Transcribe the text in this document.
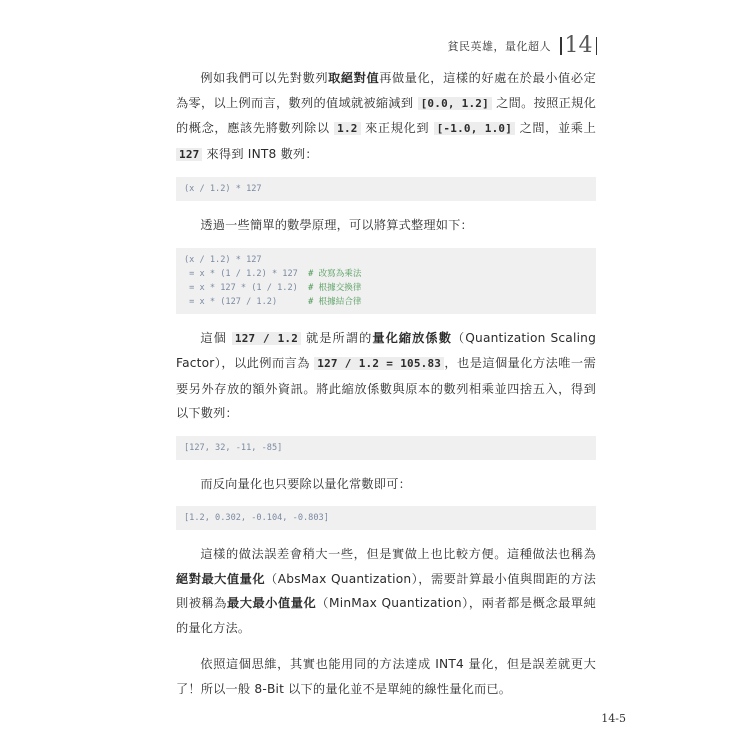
貧民英雄，量化超人 14

例如我們可以先對數列取絕對值再做量化，這樣的好處在於最小值必定為零，以上例而言，數列的值域就被縮減到 [0.0, 1.2] 之間。按照正規化的概念，應該先將數列除以 1.2 來正規化到 [-1.0, 1.0] 之間，並乘上 127 來得到 INT8 數列：

(x / 1.2) * 127

透過一些簡單的數學原理，可以將算式整理如下：

(x / 1.2) * 127
= x * (1 / 1.2) * 127  # 改寫為乘法
= x * 127 * (1 / 1.2)  # 根據交換律
= x * (127 / 1.2)      # 根據結合律

這個 127 / 1.2 就是所謂的量化縮放係數（Quantization Scaling Factor），以此例而言為 127 / 1.2 = 105.83 ，也是這個量化方法唯一需要另外存放的額外資訊。將此縮放係數與原本的數列相乘並四捨五入，得到以下數列：

[127, 32, -11, -85]

而反向量化也只要除以量化常數即可：

[1.2, 0.302, -0.104, -0.803]

這樣的做法誤差會稍大一些，但是實做上也比較方便。這種做法也稱為絕對最大值量化（AbsMax Quantization），需要計算最小值與間距的方法則被稱為最大最小值量化（MinMax Quantization），兩者都是概念最單純的量化方法。

依照這個思維，其實也能用同的方法達成 INT4 量化，但是誤差就更大了！所以一般 8-Bit 以下的量化並不是單純的線性量化而已。

14-5
